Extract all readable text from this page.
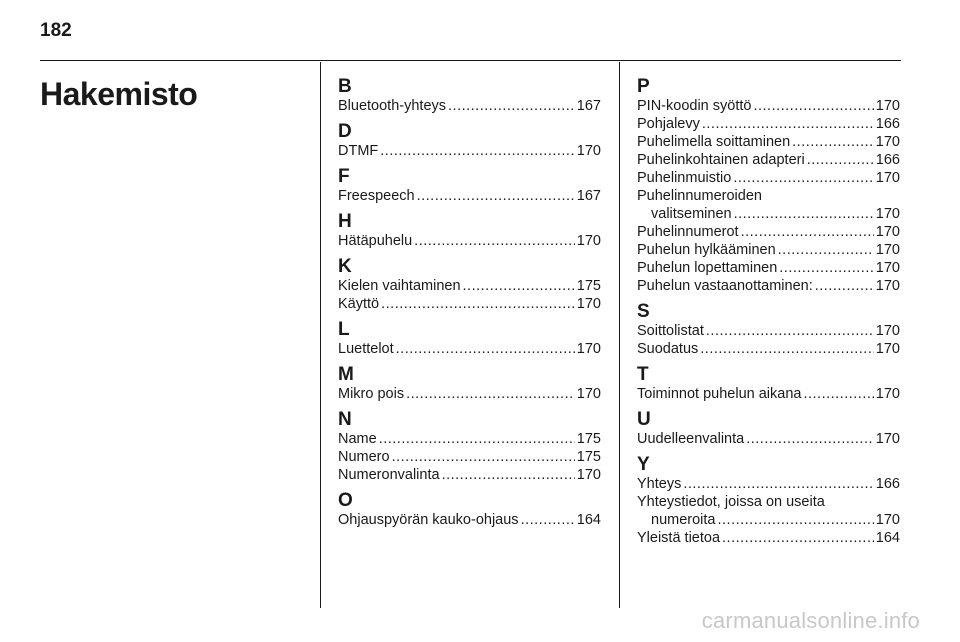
182
Hakemisto	B
Bluetooth-yhteys .....	167
D
DTMF .....	170
F
Freespeech .....	167
H
Hätäpuhelu .....	170
K
Kielen vaihtaminen .....	175
Käyttö .....	170
L
Luettelot .....	170
M
Mikro pois .....	170
N
Name .....	175
Numero .....	175
Numeronvalinta .....	170
O
Ohjauspyörän kauko-ohjaus .....	164
P
PIN-koodin syöttö .....	170
Pohjalevy .....	166
Puhelimella soittaminen .....	170
Puhelinkohtainen adapteri .....	166
Puhelinmuistio .....	170
Puhelinnumeroiden
valitseminen .....	170
Puhelinnumerot .....	170
Puhelun hylkääminen .....	170
Puhelun lopettaminen .....	170
Puhelun vastaanottaminen: .....	170
S
Soittolistat .....	170
Suodatus .....	170
T
Toiminnot puhelun aikana .....	170
U
Uudelleenvalinta .....	170
Y
Yhteys .....	166
Yhteystiedot, joissa on useita
numeroita .....	170
Yleistä tietoa .....	164
carmanualsonline.info
